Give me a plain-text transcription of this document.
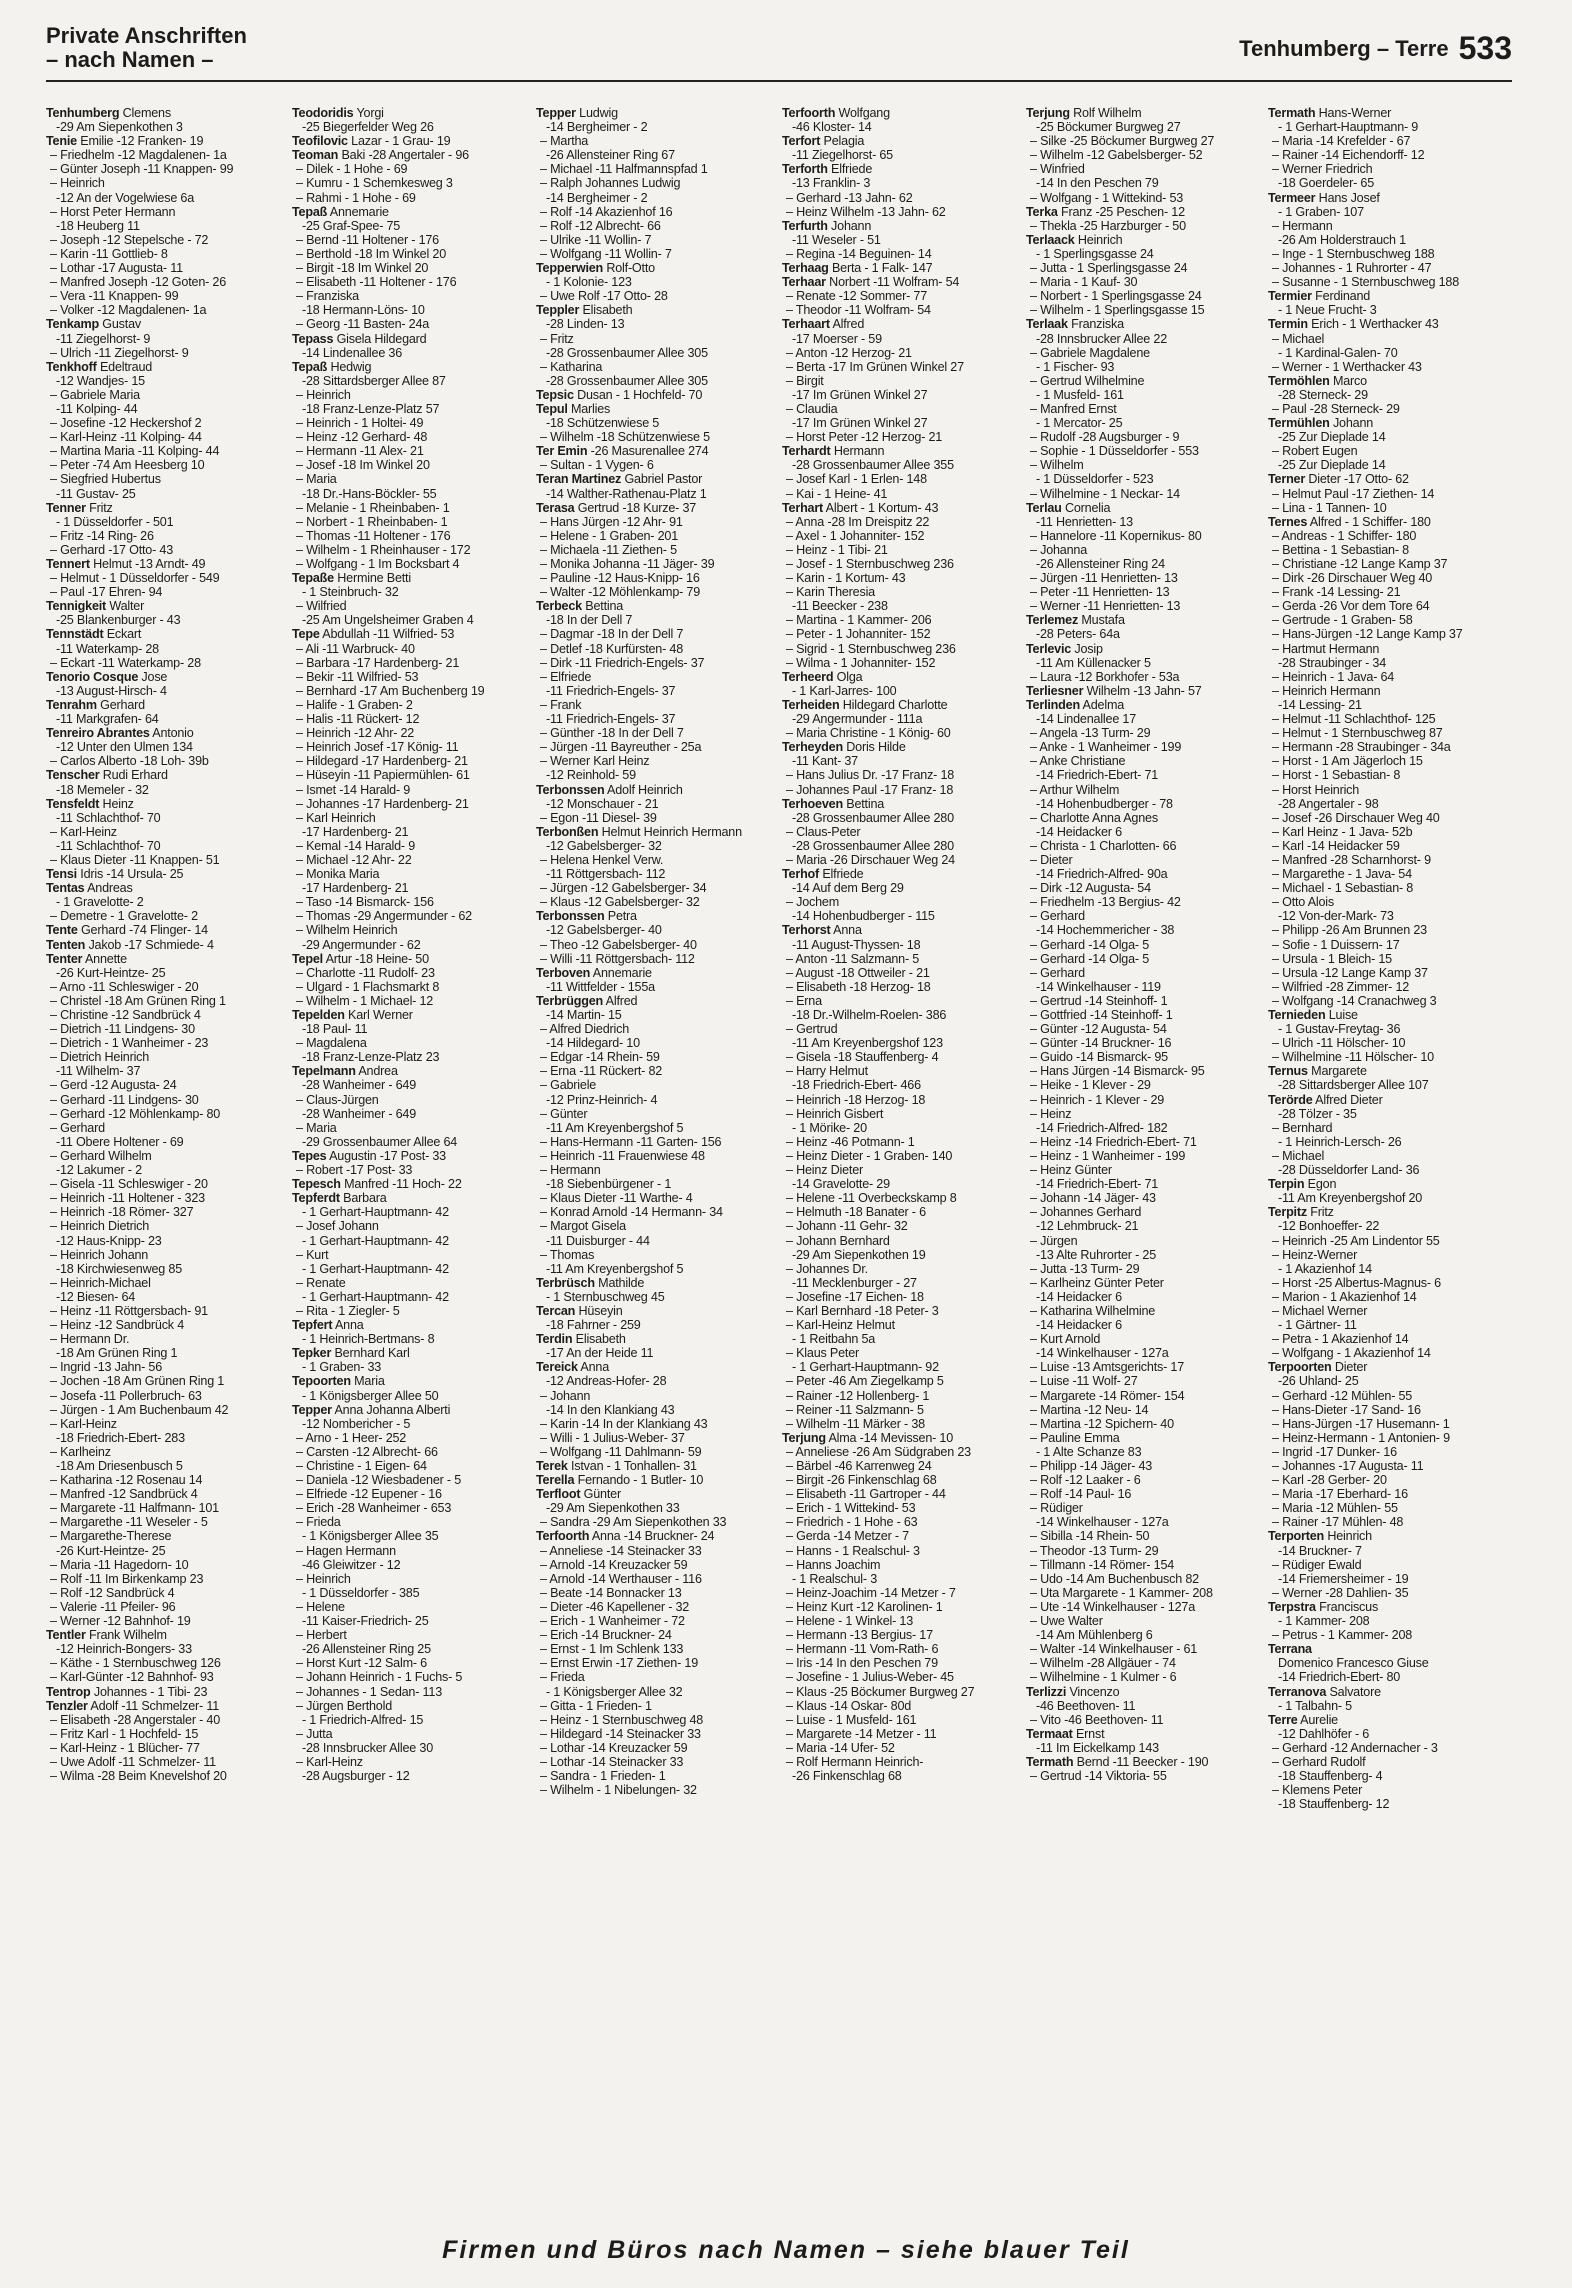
Private Anschriften
– nach Namen –	Tenhumberg – Terre 533
Tenhumberg Clemens
-29 Am Siepenkothen 3
Tenie Emilie -12 Franken- 19
– Friedhelm -12 Magdalenen- 1a
– Günter Joseph -11 Knappen- 99
– Heinrich
-12 An der Vogelwiese 6a
– Horst Peter Hermann
-18 Heuberg 11
– Joseph -12 Stepelsche - 72
– Karin -11 Gottlieb- 8
– Lothar -17 Augusta- 11
– Manfred Joseph -12 Goten- 26
– Vera -11 Knappen- 99
– Volker -12 Magdalenen- 1a
Tenkamp Gustav
-11 Ziegelhorst- 9
– Ulrich -11 Ziegelhorst- 9
Tenkhoff Edeltraud
-12 Wandjes- 15
– Gabriele Maria
-11 Kolping- 44
– Josefine -12 Heckershof 2
– Karl-Heinz -11 Kolping- 44
– Martina Maria -11 Kolping- 44
– Peter -74 Am Heesberg 10
– Siegfried Hubertus
-11 Gustav- 25
Tenner Fritz
- 1 Düsseldorfer - 501
– Fritz -14 Ring- 26
– Gerhard -17 Otto- 43
Tennert Helmut -13 Arndt- 49
– Helmut - 1 Düsseldorfer - 549
– Paul -17 Ehren- 94
Tennigkeit Walter
-25 Blankenburger - 43
Tennstädt Eckart
-11 Waterkamp- 28
– Eckart -11 Waterkamp- 28
Tenorio Cosque Jose
-13 August-Hirsch- 4
Tenrahm Gerhard
-11 Markgrafen- 64
Tenreiro Abrantes Antonio
-12 Unter den Ulmen 134
– Carlos Alberto -18 Loh- 39b
Tenscher Rudi Erhard
-18 Memeler - 32
Tensfeldt Heinz
-11 Schlachthof- 70
– Karl-Heinz
-11 Schlachthof- 70
– Klaus Dieter -11 Knappen- 51
Tensi Idris -14 Ursula- 25
Tentas Andreas
- 1 Gravelotte- 2
– Demetre - 1 Gravelotte- 2
Tente Gerhard -74 Flinger- 14
Tenten Jakob -17 Schmiede- 4
Tenter Annette
-26 Kurt-Heintze- 25
– Arno -11 Schleswiger - 20
– Christel -18 Am Grünen Ring 1
– Christine -12 Sandbrück 4
– Dietrich -11 Lindgens- 30
– Dietrich - 1 Wanheimer - 23
– Dietrich Heinrich
-11 Wilhelm- 37
– Gerd -12 Augusta- 24
– Gerhard -11 Lindgens- 30
– Gerhard -12 Möhlenkamp- 80
– Gerhard
-11 Obere Holtener - 69
– Gerhard Wilhelm
-12 Lakumer - 2
– Gisela -11 Schleswiger - 20
– Heinrich -11 Holtener - 323
– Heinrich -18 Römer- 327
– Heinrich Dietrich
-12 Haus-Knipp- 23
– Heinrich Johann
-18 Kirchwiesenweg 85
– Heinrich-Michael
-12 Biesen- 64
– Heinz -11 Röttgersbach- 91
– Heinz -12 Sandbrück 4
– Hermann Dr.
-18 Am Grünen Ring 1
– Ingrid -13 Jahn- 56
– Jochen -18 Am Grünen Ring 1
– Josefa -11 Pollerbruch- 63
– Jürgen - 1 Am Buchenbaum 42
– Karl-Heinz
-18 Friedrich-Ebert- 283
– Karlheinz
-18 Am Driesenbusch 5
– Katharina -12 Rosenau 14
– Manfred -12 Sandbrück 4
– Margarete -11 Halfmann- 101
– Margarethe -11 Weseler - 5
– Margarethe-Therese
-26 Kurt-Heintze- 25
– Maria -11 Hagedorn- 10
– Rolf -11 Im Birkenkamp 23
– Rolf -12 Sandbrück 4
– Valerie -11 Pfeiler- 96
– Werner -12 Bahnhof- 19
Tentler Frank Wilhelm
-12 Heinrich-Bongers- 33
– Käthe - 1 Sternbuschweg 126
– Karl-Günter -12 Bahnhof- 93
Tentrop Johannes - 1 Tibi- 23
Tenzler Adolf -11 Schmelzer- 11
– Elisabeth -28 Angerstaler - 40
– Fritz Karl - 1 Hochfeld- 15
– Karl-Heinz - 1 Blücher- 77
– Uwe Adolf -11 Schmelzer- 11
– Wilma -28 Beim Knevelshof 20
Teodoridis Yorgi
-25 Biegerfelder Weg 26
Teofilovic Lazar - 1 Grau- 19
Teoman Baki -28 Angertaler - 96
– Dilek - 1 Hohe - 69
– Kumru - 1 Schemkesweg 3
– Rahmi - 1 Hohe - 69
Tepaß Annemarie
-25 Graf-Spee- 75
– Bernd -11 Holtener - 176
– Berthold -18 Im Winkel 20
– Birgit -18 Im Winkel 20
– Elisabeth -11 Holtener - 176
– Franziska
-18 Hermann-Löns- 10
– Georg -11 Basten- 24a
Tepass Gisela Hildegard
-14 Lindenallee 36
Tepaß Hedwig
-28 Sittardsberger Allee 87
– Heinrich
-18 Franz-Lenze-Platz 57
– Heinrich - 1 Holtei- 49
– Heinz -12 Gerhard- 48
– Hermann -11 Alex- 21
– Josef -18 Im Winkel 20
– Maria
-18 Dr.-Hans-Böckler- 55
– Melanie - 1 Rheinbaben- 1
– Norbert - 1 Rheinbaben- 1
– Thomas -11 Holtener - 176
– Wilhelm - 1 Rheinhauser - 172
– Wolfgang - 1 Im Bocksbart 4
Tepaße Hermine Betti
- 1 Steinbruch- 32
– Wilfried
-25 Am Ungelsheimer Graben 4
Tepe Abdullah -11 Wilfried- 53
– Ali -11 Warbruck- 40
– Barbara -17 Hardenberg- 21
– Bekir -11 Wilfried- 53
– Bernhard -17 Am Buchenberg 19
– Halife - 1 Graben- 2
– Halis -11 Rückert- 12
– Heinrich -12 Ahr- 22
– Heinrich Josef -17 König- 11
– Hildegard -17 Hardenberg- 21
– Hüseyin -11 Papiermühlen- 61
– Ismet -14 Harald- 9
– Johannes -17 Hardenberg- 21
– Karl Heinrich
-17 Hardenberg- 21
– Kemal -14 Harald- 9
– Michael -12 Ahr- 22
– Monika Maria
-17 Hardenberg- 21
– Taso -14 Bismarck- 156
– Thomas -29 Angermunder - 62
– Wilhelm Heinrich
-29 Angermunder - 62
Tepel Artur -18 Heine- 50
– Charlotte -11 Rudolf- 23
– Ulgard - 1 Flachsmarkt 8
– Wilhelm - 1 Michael- 12
Tepelden Karl Werner
-18 Paul- 11
– Magdalena
-18 Franz-Lenze-Platz 23
Tepelmann Andrea
-28 Wanheimer - 649
– Claus-Jürgen
-28 Wanheimer - 649
– Maria
-29 Grossenbaumer Allee 64
Tepes Augustin -17 Post- 33
– Robert -17 Post- 33
Tepesch Manfred -11 Hoch- 22
Tepferdt Barbara
- 1 Gerhart-Hauptmann- 42
– Josef Johann
- 1 Gerhart-Hauptmann- 42
– Kurt
- 1 Gerhart-Hauptmann- 42
– Renate
- 1 Gerhart-Hauptmann- 42
– Rita - 1 Ziegler- 5
Tepfert Anna
- 1 Heinrich-Bertmans- 8
Tepker Bernhard Karl
- 1 Graben- 33
Tepoorten Maria
- 1 Königsberger Allee 50
Tepper Anna Johanna Alberti
-12 Nombericher - 5
– Arno - 1 Heer- 252
– Carsten -12 Albrecht- 66
– Christine - 1 Eigen- 64
– Daniela -12 Wiesbadener - 5
– Elfriede -12 Eupener - 16
– Erich -28 Wanheimer - 653
– Frieda
- 1 Königsberger Allee 35
– Hagen Hermann
-46 Gleiwitzer - 12
– Heinrich
- 1 Düsseldorfer - 385
– Helene
-11 Kaiser-Friedrich- 25
– Herbert
-26 Allensteiner Ring 25
– Horst Kurt -12 Salm- 6
– Johann Heinrich - 1 Fuchs- 5
– Johannes - 1 Sedan- 113
– Jürgen Berthold
- 1 Friedrich-Alfred- 15
– Jutta
-28 Innsbrucker Allee 30
– Karl-Heinz
-28 Augsburger - 12
Tepper Ludwig
-14 Bergheimer - 2
– Martha
-26 Allensteiner Ring 67
– Michael -11 Halfmannspfad 1
– Ralph Johannes Ludwig
-14 Bergheimer - 2
– Rolf -14 Akazienhof 16
– Rolf -12 Albrecht- 66
– Ulrike -11 Wollin- 7
– Wolfgang -11 Wollin- 7
Tepperwien Rolf-Otto
- 1 Kolonie- 123
– Uwe Rolf -17 Otto- 28
Teppler Elisabeth
-28 Linden- 13
– Fritz
-28 Grossenbaumer Allee 305
– Katharina
-28 Grossenbaumer Allee 305
Tepsic Dusan - 1 Hochfeld- 70
Tepul Marlies
-18 Schützenwiese 5
– Wilhelm -18 Schützenwiese 5
Ter Emin -26 Masurenallee 274
– Sultan - 1 Vygen- 6
Teran Martinez Gabriel Pastor
-14 Walther-Rathenau-Platz 1
Terasa Gertrud -18 Kurze- 37
– Hans Jürgen -12 Ahr- 91
– Helene - 1 Graben- 201
– Michaela -11 Ziethen- 5
– Monika Johanna -11 Jäger- 39
– Pauline -12 Haus-Knipp- 16
– Walter -12 Möhlenkamp- 79
Terbeck Bettina
-18 In der Dell 7
– Dagmar -18 In der Dell 7
– Detlef -18 Kurfürsten- 48
– Dirk -11 Friedrich-Engels- 37
– Elfriede
-11 Friedrich-Engels- 37
– Frank
-11 Friedrich-Engels- 37
– Günther -18 In der Dell 7
– Jürgen -11 Bayreuther - 25a
– Werner Karl Heinz
-12 Reinhold- 59
Terbonssen Adolf Heinrich
-12 Monschauer - 21
– Egon -11 Diesel- 39
Terbonßen Helmut Heinrich Hermann
-12 Gabelsberger- 32
– Helena Henkel Verw.
-11 Röttgersbach- 112
– Jürgen -12 Gabelsberger- 34
– Klaus -12 Gabelsberger- 32
Terbonssen Petra
-12 Gabelsberger- 40
– Theo -12 Gabelsberger- 40
– Willi -11 Röttgersbach- 112
Terboven Annemarie
-11 Wittfelder - 155a
Terbrüggen Alfred
-14 Martin- 15
– Alfred Diedrich
-14 Hildegard- 10
– Edgar -14 Rhein- 59
– Erna -11 Rückert- 82
– Gabriele
-12 Prinz-Heinrich- 4
– Günter
-11 Am Kreyenbergshof 5
– Hans-Hermann -11 Garten- 156
– Heinrich -11 Frauenwiese 48
– Hermann
-18 Siebenbürgener - 1
– Klaus Dieter -11 Warthe- 4
– Konrad Arnold -14 Hermann- 34
– Margot Gisela
-11 Duisburger - 44
– Thomas
-11 Am Kreyenbergshof 5
Terbrüsch Mathilde
- 1 Sternbuschweg 45
Tercan Hüseyin
-18 Fahrner - 259
Terdin Elisabeth
-17 An der Heide 11
Tereick Anna
-12 Andreas-Hofer- 28
– Johann
-14 In den Klankiang 43
– Karin -14 In der Klankiang 43
– Willi - 1 Julius-Weber- 37
– Wolfgang -11 Dahlmann- 59
Terek Istvan - 1 Tonhallen- 31
Terella Fernando - 1 Butler- 10
Terfloot Günter
-29 Am Siepenkothen 33
– Sandra -29 Am Siepenkothen 33
Terfoorth Anna -14 Bruckner- 24
– Anneliese -14 Steinacker 33
– Arnold -14 Kreuzacker 59
– Arnold -14 Werthauser - 116
– Beate -14 Bonnacker 13
– Dieter -46 Kapellener - 32
– Erich - 1 Wanheimer - 72
– Erich -14 Bruckner- 24
– Ernst - 1 Im Schlenk 133
– Ernst Erwin -17 Ziethen- 19
– Frieda
- 1 Königsberger Allee 32
– Gitta - 1 Frieden- 1
– Heinz - 1 Sternbuschweg 48
– Hildegard -14 Steinacker 33
– Lothar -14 Kreuzacker 59
– Lothar -14 Steinacker 33
– Sandra - 1 Frieden- 1
– Wilhelm - 1 Nibelungen- 32
Terfoorth Wolfgang
-46 Kloster- 14
Terfort Pelagia
-11 Ziegelhorst- 65
Terforth Elfriede
-13 Franklin- 3
– Gerhard -13 Jahn- 62
– Heinz Wilhelm -13 Jahn- 62
Terfurth Johann
-11 Weseler - 51
– Regina -14 Beguinen- 14
Terhaag Berta - 1 Falk- 147
Terhaar Norbert -11 Wolfram- 54
– Renate -12 Sommer- 77
– Theodor -11 Wolfram- 54
Terhaart Alfred
-17 Moerser - 59
– Anton -12 Herzog- 21
– Berta -17 Im Grünen Winkel 27
– Birgit
-17 Im Grünen Winkel 27
– Claudia
-17 Im Grünen Winkel 27
– Horst Peter -12 Herzog- 21
Terhardt Hermann
-28 Grossenbaumer Allee 355
– Josef Karl - 1 Erlen- 148
– Kai - 1 Heine- 41
Terhart Albert - 1 Kortum- 43
– Anna -28 Im Dreispitz 22
– Axel - 1 Johanniter- 152
– Heinz - 1 Tibi- 21
– Josef - 1 Sternbuschweg 236
– Karin - 1 Kortum- 43
– Karin Theresia
-11 Beecker - 238
– Martina - 1 Kammer- 206
– Peter - 1 Johanniter- 152
– Sigrid - 1 Sternbuschweg 236
– Wilma - 1 Johanniter- 152
Terheerd Olga
- 1 Karl-Jarres- 100
Terheiden Hildegard Charlotte
-29 Angermunder - 111a
– Maria Christine - 1 König- 60
Terheyden Doris Hilde
-11 Kant- 37
– Hans Julius Dr. -17 Franz- 18
– Johannes Paul -17 Franz- 18
Terhoeven Bettina
-28 Grossenbaumer Allee 280
– Claus-Peter
-28 Grossenbaumer Allee 280
– Maria -26 Dirschauer Weg 24
Terhof Elfriede
-14 Auf dem Berg 29
– Jochem
-14 Hohenbudberger - 115
Terhorst Anna
-11 August-Thyssen- 18
– Anton -11 Salzmann- 5
– August -18 Ottweiler - 21
– Elisabeth -18 Herzog- 18
– Erna
-18 Dr.-Wilhelm-Roelen- 386
– Gertrud
-11 Am Kreyenbergshof 123
– Gisela -18 Stauffenberg- 4
– Harry Helmut
-18 Friedrich-Ebert- 466
– Heinrich -18 Herzog- 18
– Heinrich Gisbert
- 1 Mörike- 20
– Heinz -46 Potmann- 1
– Heinz Dieter - 1 Graben- 140
– Heinz Dieter
-14 Gravelotte- 29
– Helene -11 Overbeckskamp 8
– Helmuth -18 Banater - 6
– Johann -11 Gehr- 32
– Johann Bernhard
-29 Am Siepenkothen 19
– Johannes Dr.
-11 Mecklenburger - 27
– Josefine -17 Eichen- 18
– Karl Bernhard -18 Peter- 3
– Karl-Heinz Helmut
- 1 Reitbahn 5a
– Klaus Peter
- 1 Gerhart-Hauptmann- 92
– Peter -46 Am Ziegelkamp 5
– Rainer -12 Hollenberg- 1
– Reiner -11 Salzmann- 5
– Wilhelm -11 Märker - 38
Terjung Alma -14 Mevissen- 10
– Anneliese -26 Am Südgraben 23
– Bärbel -46 Karrenweg 24
– Birgit -26 Finkenschlag 68
– Elisabeth -11 Gartroper - 44
– Erich - 1 Wittekind- 53
– Friedrich - 1 Hohe - 63
– Gerda -14 Metzer - 7
– Hanns - 1 Realschul- 3
– Hanns Joachim
- 1 Realschul- 3
– Heinz-Joachim -14 Metzer - 7
– Heinz Kurt -12 Karolinen- 1
– Helene - 1 Winkel- 13
– Hermann -13 Bergius- 17
– Hermann -11 Vom-Rath- 6
– Iris -14 In den Peschen 79
– Josefine - 1 Julius-Weber- 45
– Klaus -25 Böckumer Burgweg 27
– Klaus -14 Oskar- 80d
– Luise - 1 Musfeld- 161
– Margarete -14 Metzer - 11
– Maria -14 Ufer- 52
– Rolf Hermann Heinrich-
-26 Finkenschlag 68
Terjung Rolf Wilhelm
-25 Böckumer Burgweg 27
– Silke -25 Böckumer Burgweg 27
– Wilhelm -12 Gabelsberger- 52
– Winfried
-14 In den Peschen 79
– Wolfgang - 1 Wittekind- 53
Terka Franz -25 Peschen- 12
– Thekla -25 Harzburger - 50
Terlaack Heinrich
- 1 Sperlingsgasse 24
– Jutta - 1 Sperlingsgasse 24
– Maria - 1 Kauf- 30
– Norbert - 1 Sperlingsgasse 24
– Wilhelm - 1 Sperlingsgasse 15
Terlaak Franziska
-28 Innsbrucker Allee 22
– Gabriele Magdalene
- 1 Fischer- 93
– Gertrud Wilhelmine
- 1 Musfeld- 161
– Manfred Ernst
- 1 Mercator- 25
– Rudolf -28 Augsburger - 9
– Sophie - 1 Düsseldorfer - 553
– Wilhelm
- 1 Düsseldorfer - 523
– Wilhelmine - 1 Neckar- 14
Terlau Cornelia
-11 Henrietten- 13
– Hannelore -11 Kopernikus- 80
– Johanna
-26 Allensteiner Ring 24
– Jürgen -11 Henrietten- 13
– Peter -11 Henrietten- 13
– Werner -11 Henrietten- 13
Terlemez Mustafa
-28 Peters- 64a
Terlevic Josip
-11 Am Küllenacker 5
– Laura -12 Borkhofer - 53a
Terliesner Wilhelm -13 Jahn- 57
Terlinden Adelma
-14 Lindenallee 17
– Angela -13 Turm- 29
– Anke - 1 Wanheimer - 199
– Anke Christiane
-14 Friedrich-Ebert- 71
– Arthur Wilhelm
-14 Hohenbudberger - 78
– Charlotte Anna Agnes
-14 Heidacker 6
– Christa - 1 Charlotten- 66
– Dieter
-14 Friedrich-Alfred- 90a
– Dirk -12 Augusta- 54
– Friedhelm -13 Bergius- 42
– Gerhard
-14 Hochemmericher - 38
– Gerhard -14 Olga- 5
– Gerhard -14 Olga- 5
– Gerhard
-14 Winkelhauser - 119
– Gertrud -14 Steinhoff- 1
– Gottfried -14 Steinhoff- 1
– Günter -12 Augusta- 54
– Günter -14 Bruckner- 16
– Guido -14 Bismarck- 95
– Hans Jürgen -14 Bismarck- 95
– Heike - 1 Klever - 29
– Heinrich - 1 Klever - 29
– Heinz
-14 Friedrich-Alfred- 182
– Heinz -14 Friedrich-Ebert- 71
– Heinz - 1 Wanheimer - 199
– Heinz Günter
-14 Friedrich-Ebert- 71
– Johann -14 Jäger- 43
– Johannes Gerhard
-12 Lehmbruck- 21
– Jürgen
-13 Alte Ruhrorter - 25
– Jutta -13 Turm- 29
– Karlheinz Günter Peter
-14 Heidacker 6
– Katharina Wilhelmine
-14 Heidacker 6
– Kurt Arnold
-14 Winkelhauser - 127a
– Luise -13 Amtsgerichts- 17
– Luise -11 Wolf- 27
– Margarete -14 Römer- 154
– Martina -12 Neu- 14
– Martina -12 Spichern- 40
– Pauline Emma
- 1 Alte Schanze 83
– Philipp -14 Jäger- 43
– Rolf -12 Laaker - 6
– Rolf -14 Paul- 16
– Rüdiger
-14 Winkelhauser - 127a
– Sibilla -14 Rhein- 50
– Theodor -13 Turm- 29
– Tillmann -14 Römer- 154
– Udo -14 Am Buchenbusch 82
– Uta Margarete - 1 Kammer- 208
– Ute -14 Winkelhauser - 127a
– Uwe Walter
-14 Am Mühlenberg 6
– Walter -14 Winkelhauser - 61
– Wilhelm -28 Allgäuer - 74
– Wilhelmine - 1 Kulmer - 6
Terlizzi Vincenzo
-46 Beethoven- 11
– Vito -46 Beethoven- 11
Termaat Ernst
-11 Im Eickelkamp 143
Termath Bernd -11 Beecker - 190
– Gertrud -14 Viktoria- 55
Termath Hans-Werner
- 1 Gerhart-Hauptmann- 9
– Maria -14 Krefelder - 67
– Rainer -14 Eichendorff- 12
– Werner Friedrich
-18 Goerdeler- 65
Termeer Hans Josef
- 1 Graben- 107
– Hermann
-26 Am Holderstrauch 1
– Inge - 1 Sternbuschweg 188
– Johannes - 1 Ruhrorter - 47
– Susanne - 1 Sternbuschweg 188
Termier Ferdinand
- 1 Neue Frucht- 3
Termin Erich - 1 Werthacker 43
– Michael
- 1 Kardinal-Galen- 70
– Werner - 1 Werthacker 43
Termöhlen Marco
-28 Sterneck- 29
– Paul -28 Sterneck- 29
Termühlen Johann
-25 Zur Dieplade 14
– Robert Eugen
-25 Zur Dieplade 14
Terner Dieter -17 Otto- 62
– Helmut Paul -17 Ziethen- 14
– Lina - 1 Tannen- 10
Ternes Alfred - 1 Schiffer- 180
– Andreas - 1 Schiffer- 180
– Bettina - 1 Sebastian- 8
– Christiane -12 Lange Kamp 37
– Dirk -26 Dirschauer Weg 40
– Frank -14 Lessing- 21
– Gerda -26 Vor dem Tore 64
– Gertrude - 1 Graben- 58
– Hans-Jürgen -12 Lange Kamp 37
– Hartmut Hermann
-28 Straubinger - 34
– Heinrich - 1 Java- 64
– Heinrich Hermann
-14 Lessing- 21
– Helmut -11 Schlachthof- 125
– Helmut - 1 Sternbuschweg 87
– Hermann -28 Straubinger - 34a
– Horst - 1 Am Jägerloch 15
– Horst - 1 Sebastian- 8
– Horst Heinrich
-28 Angertaler - 98
– Josef -26 Dirschauer Weg 40
– Karl Heinz - 1 Java- 52b
– Karl -14 Heidacker 59
– Manfred -28 Scharnhorst- 9
– Margarethe - 1 Java- 54
– Michael - 1 Sebastian- 8
– Otto Alois
-12 Von-der-Mark- 73
– Philipp -26 Am Brunnen 23
– Sofie - 1 Duissern- 17
– Ursula - 1 Bleich- 15
– Ursula -12 Lange Kamp 37
– Wilfried -28 Zimmer- 12
– Wolfgang -14 Cranachweg 3
Ternieden Luise
- 1 Gustav-Freytag- 36
– Ulrich -11 Hölscher- 10
– Wilhelmine -11 Hölscher- 10
Ternus Margarete
-28 Sittardsberger Allee 107
Terörde Alfred Dieter
-28 Tölzer - 35
– Bernhard
- 1 Heinrich-Lersch- 26
– Michael
-28 Düsseldorfer Land- 36
Terpin Egon
-11 Am Kreyenbergshof 20
Terpitz Fritz
-12 Bonhoeffer- 22
– Heinrich -25 Am Lindentor 55
– Heinz-Werner
- 1 Akazienhof 14
– Horst -25 Albertus-Magnus- 6
– Marion - 1 Akazienhof 14
– Michael Werner
- 1 Gärtner- 11
– Petra - 1 Akazienhof 14
– Wolfgang - 1 Akazienhof 14
Terpoorten Dieter
-26 Uhland- 25
– Gerhard -12 Mühlen- 55
– Hans-Dieter -17 Sand- 16
– Hans-Jürgen -17 Husemann- 1
– Heinz-Hermann - 1 Antonien- 9
– Ingrid -17 Dunker- 16
– Johannes -17 Augusta- 11
– Karl -28 Gerber- 20
– Maria -17 Eberhard- 16
– Maria -12 Mühlen- 55
– Rainer -17 Mühlen- 48
Terporten Heinrich
-14 Bruckner- 7
– Rüdiger Ewald
-14 Friemersheimer - 19
– Werner -28 Dahlien- 35
Terpstra Franciscus
- 1 Kammer- 208
– Petrus - 1 Kammer- 208
Terrana
Domenico Francesco Giuse
-14 Friedrich-Ebert- 80
Terranova Salvatore
- 1 Talbahn- 5
Terre Aurelie
-12 Dahlhöfer - 6
– Gerhard -12 Andernacher - 3
– Gerhard Rudolf
-18 Stauffenberg- 4
– Klemens Peter
-18 Stauffenberg- 12
Firmen und Büros nach Namen – siehe blauer Teil
